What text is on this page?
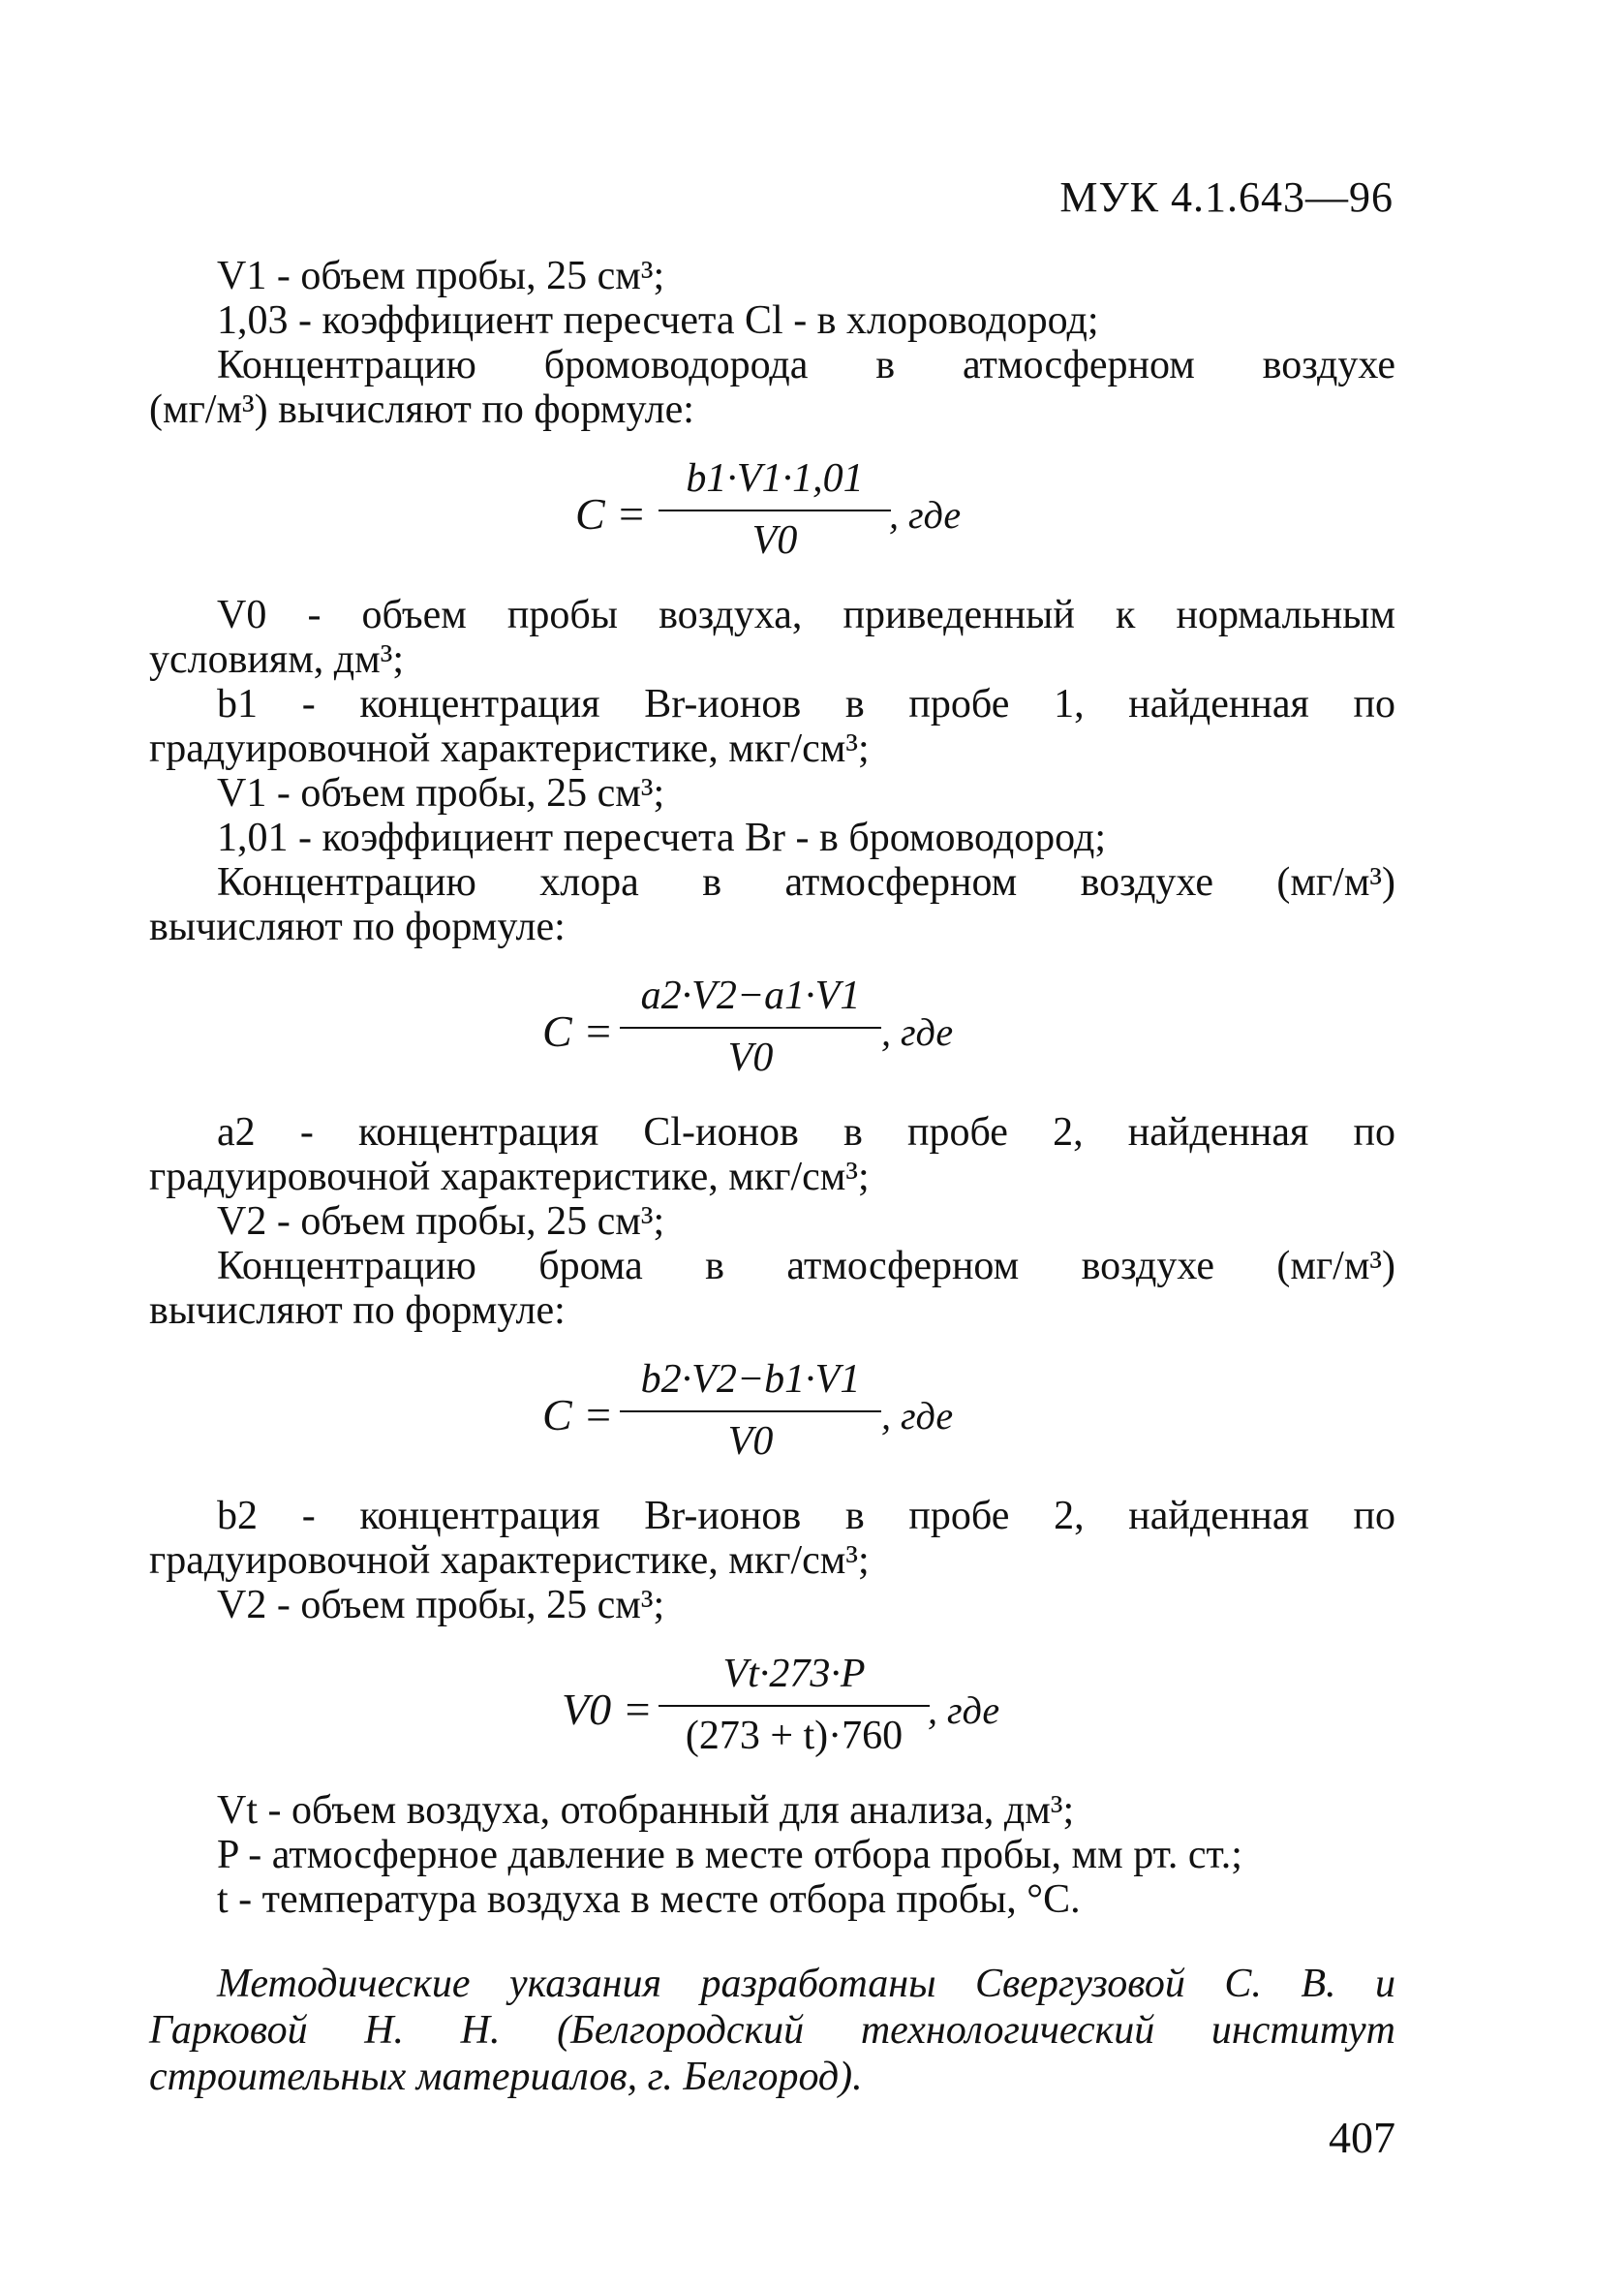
МУК 4.1.643—96
V1 - объем пробы, 25 см³;
1,03 - коэффициент пересчета Cl - в хлороводород;
Концентрацию бромоводорода в атмосферном воздухе
(мг/м³) вычисляют по формуле:
C =
b1·V1·1,01
V0
, где
V0 - объем пробы воздуха, приведенный к нормальным
условиям, дм³;
b1 - концентрация Br-ионов в пробе 1, найденная по
градуировочной характеристике, мкг/см³;
V1 - объем пробы, 25 см³;
1,01 - коэффициент пересчета Br - в бромоводород;
Концентрацию хлора в атмосферном воздухе (мг/м³)
вычисляют по формуле:
C =
a2·V2−a1·V1
V0
, где
a2 - концентрация Cl-ионов в пробе 2, найденная по
градуировочной характеристике, мкг/см³;
V2 - объем пробы, 25 см³;
Концентрацию брома в атмосферном воздухе (мг/м³)
вычисляют по формуле:
C =
b2·V2−b1·V1
V0
, где
b2 - концентрация Br-ионов в пробе 2, найденная по
градуировочной характеристике, мкг/см³;
V2 - объем пробы, 25 см³;
V0 =
Vt·273·P
(273 + t)·760
, где
Vt - объем воздуха, отобранный для анализа, дм³;
P - атмосферное давление в месте отбора пробы, мм рт. ст.;
t - температура воздуха в месте отбора пробы, °C.
Методические указания разработаны Свергузовой С. В. и
Гарковой Н. Н. (Белгородский технологический институт
строительных материалов, г. Белгород).
407
